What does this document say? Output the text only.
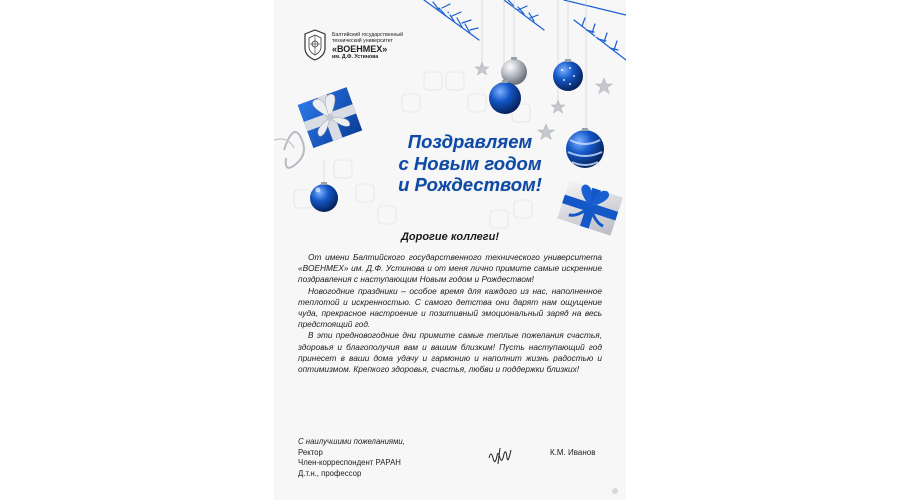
Балтийский государственный
технический университет
«ВОЕНМЕХ»
им. Д.Ф. Устинова
Поздравляем
с Новым годом
и Рождеством!
Дорогие коллеги!

От имени Балтийского государственного технического университета «ВОЕНМЕХ» им. Д.Ф. Устинова и от меня лично примите самые искренние поздравления с наступающим Новым годом и Рождеством!

Новогодние праздники – особое время для каждого из нас, наполненное теплотой и искренностью. С самого детства они дарят нам ощущение чуда, прекрасное настроение и позитивный эмоциональный заряд на весь предстоящий год.

В эти предновогодние дни примите самые теплые пожелания счастья, здоровья и благополучия вам и вашим близким! Пусть наступающий год принесет в ваши дома удачу и гармонию и наполнит жизнь радостью и оптимизмом. Крепкого здоровья, счастья, любви и поддержки близких!

С наилучшими пожеланиями,
Ректор
Член-корреспондент РАРАН
Д.т.н., профессор
К.М. Иванов
